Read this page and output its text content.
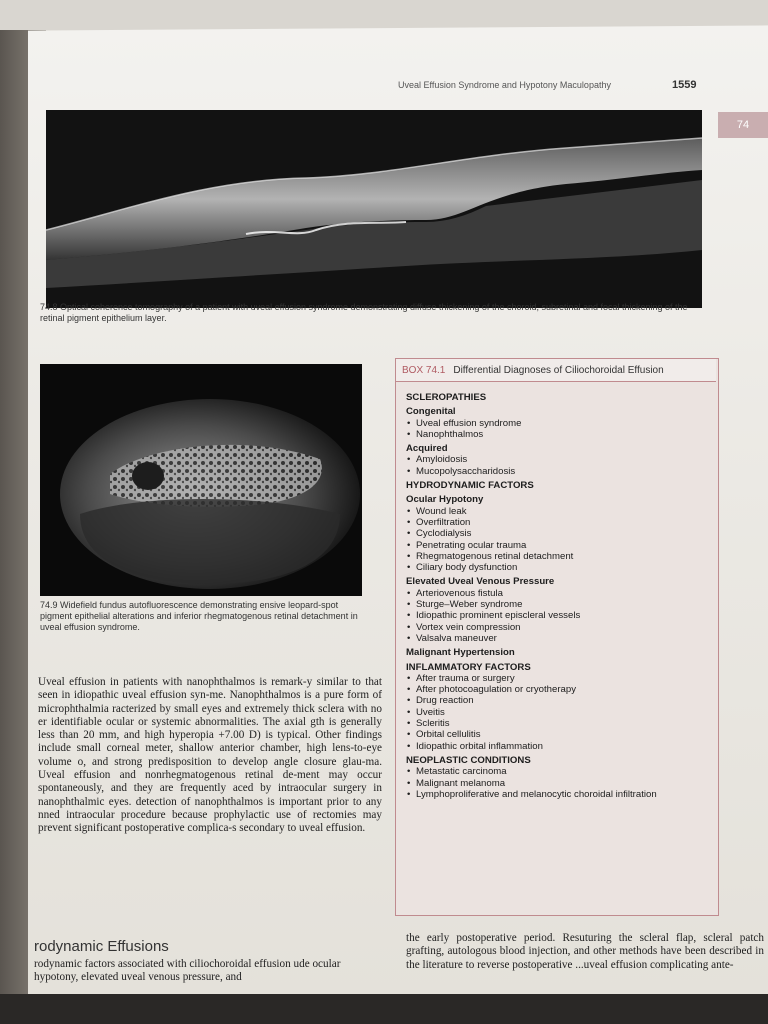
74
Uveal Effusion Syndrome and Hypotony Maculopathy	1559
74.8 Optical coherence tomography of a patient with uveal effusion syndrome demonstrating diffuse thickening of the choroid, subretinal and focal thickening of the retinal pigment epithelium layer.
74.9 Widefield fundus autofluorescence demonstrating ensive leopard-spot pigment epithelial alterations and inferior rhegmatogenous retinal detachment in uveal effusion syndrome.
Uveal effusion in patients with nanophthalmos is remark-y similar to that seen in idiopathic uveal effusion syn-me. Nanophthalmos is a pure form of microphthalmia racterized by small eyes and extremely thick sclera with no er identifiable ocular or systemic abnormalities. The axial gth is generally less than 20 mm, and high hyperopia +7.00 D) is typical. Other findings include small corneal meter, shallow anterior chamber, high lens-to-eye volume o, and strong predisposition to develop angle closure glau-ma. Uveal effusion and nonrhegmatogenous retinal de-ment may occur spontaneously, and they are frequently aced by intraocular surgery in nanophthalmic eyes. detection of nanophthalmos is important prior to any nned intraocular procedure because prophylactic use of rectomies may prevent significant postoperative complica-s secondary to uveal effusion.
rodynamic Effusions
rodynamic factors associated with ciliochoroidal effusion ude ocular hypotony, elevated uveal venous pressure, and
the early postoperative period. Resuturing the scleral flap, scleral patch grafting, autologous blood injection, and other methods have been described in the literature to reverse postoperative ...uveal effusion complicating ante-
BOX 74.1 Differential Diagnoses of Ciliochoroidal Effusion
SCLEROPATHIES
Congenital
• Uveal effusion syndrome
• Nanophthalmos
Acquired
• Amyloidosis
• Mucopolysaccharidosis
HYDRODYNAMIC FACTORS
Ocular Hypotony
• Wound leak
• Overfiltration
• Cyclodialysis
• Penetrating ocular trauma
• Rhegmatogenous retinal detachment
• Ciliary body dysfunction
Elevated Uveal Venous Pressure
• Arteriovenous fistula
• Sturge–Weber syndrome
• Idiopathic prominent episcleral vessels
• Vortex vein compression
• Valsalva maneuver
Malignant Hypertension
INFLAMMATORY FACTORS
• After trauma or surgery
• After photocoagulation or cryotherapy
• Drug reaction
• Uveitis
• Scleritis
• Orbital cellulitis
• Idiopathic orbital inflammation
NEOPLASTIC CONDITIONS
• Metastatic carcinoma
• Malignant melanoma
• Lymphoproliferative and melanocytic choroidal infiltration
